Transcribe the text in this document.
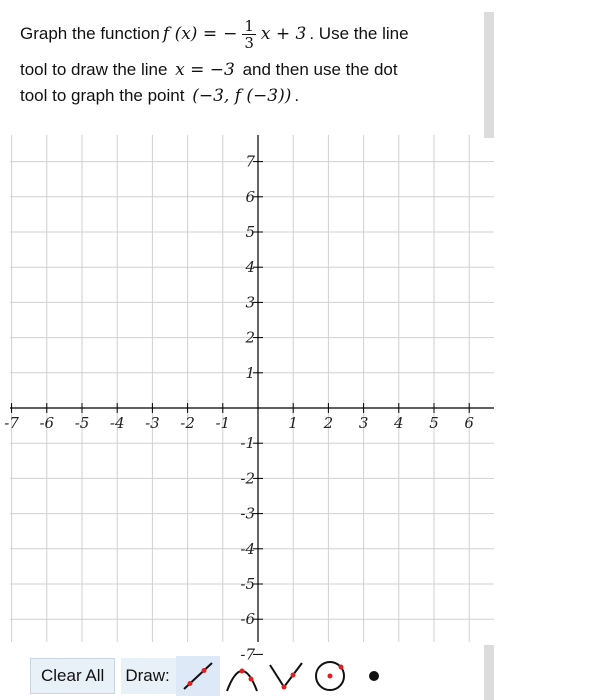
Graph the function f (x) = − $\frac{1}{3}$ x + 3 . Use the line
tool to draw the line x = −3 and then use the dot
tool to graph the point (−3, f (−3)) .
-7 -6 -5 -4 -3 -2 -1	1 2 3 4 5 6
7
6
5
4
3
2
1
-1
-2
-3
-4
-5
-6
-7
Clear All	Draw:
